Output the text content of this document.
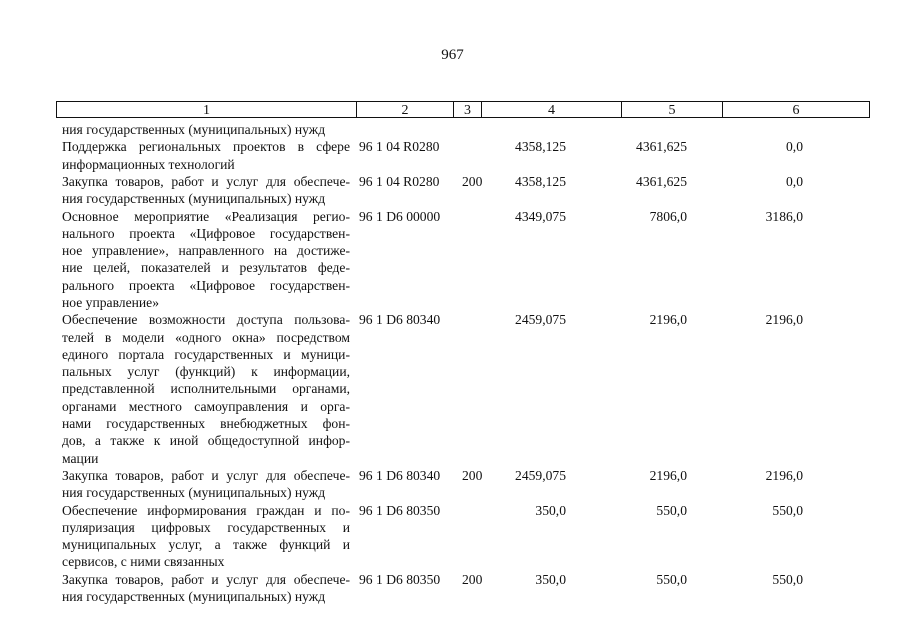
967
1	2	3	4	5	6
ния государственных (муниципальных) нужд
Поддержка региональных проектов в сфере
информационных технологий
96 1 04 R0280	4358,125	4361,625	0,0
Закупка товаров, работ и услуг для обеспече-
ния государственных (муниципальных) нужд
96 1 04 R0280 200	4358,125	4361,625	0,0
Основное мероприятие «Реализация регио-
нального проекта «Цифровое государствен-
ное управление», направленного на достиже-
ние целей, показателей и результатов феде-
рального проекта «Цифровое государствен-
ное управление»
96 1 D6 00000	4349,075	7806,0	3186,0
Обеспечение возможности доступа пользова-
телей в модели «одного окна» посредством
единого портала государственных и муници-
пальных услуг (функций) к информации,
представленной исполнительными органами,
органами местного самоуправления и орга-
нами государственных внебюджетных фон-
дов, а также к иной общедоступной инфор-
мации
96 1 D6 80340	2459,075	2196,0	2196,0
Закупка товаров, работ и услуг для обеспече-
ния государственных (муниципальных) нужд
96 1 D6 80340 200	2459,075	2196,0	2196,0
Обеспечение информирования граждан и по-
пуляризация цифровых государственных и
муниципальных услуг, а также функций и
сервисов, с ними связанных
96 1 D6 80350	350,0	550,0	550,0
Закупка товаров, работ и услуг для обеспече-
ния государственных (муниципальных) нужд
96 1 D6 80350 200	350,0	550,0	550,0
